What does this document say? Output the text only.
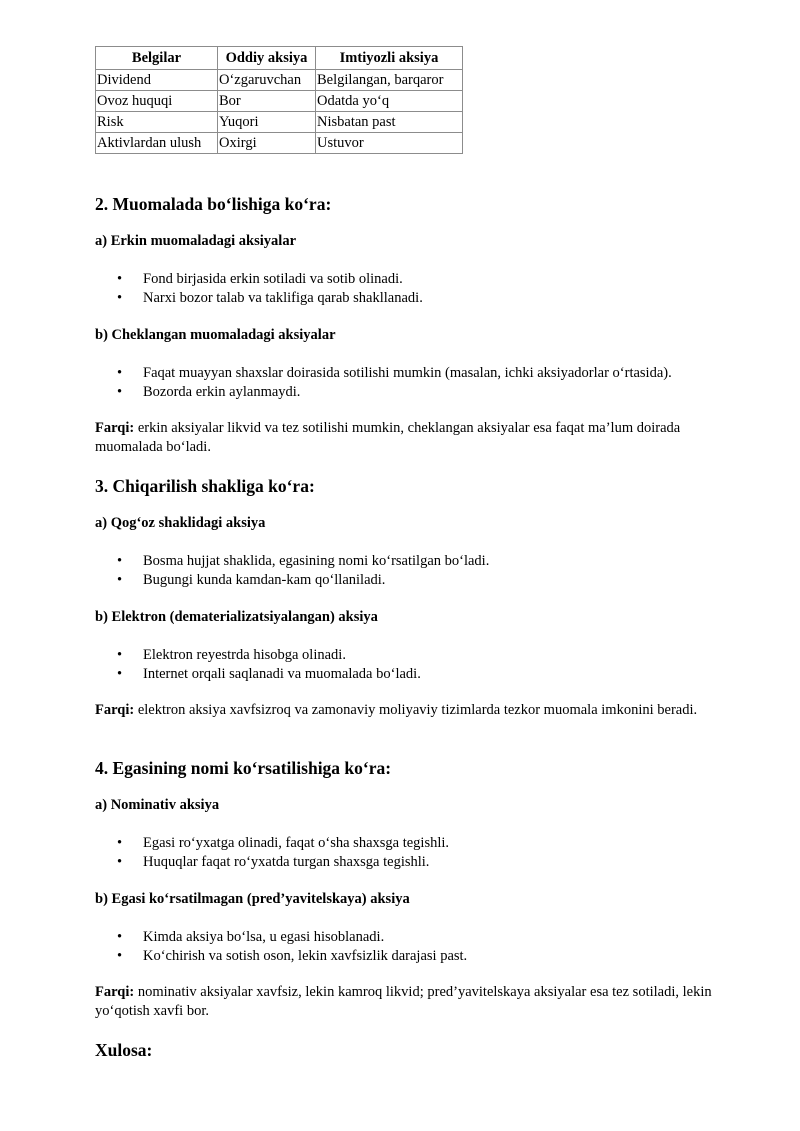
Belgilar	Oddiy aksiya	Imtiyozli aksiya
Dividend	O‘zgaruvchan	Belgilangan, barqaror
Ovoz huquqi	Bor	Odatda yo‘q
Risk	Yuqori	Nisbatan past
Aktivlardan ulush	Oxirgi	Ustuvor
2. Muomalada bo‘lishiga ko‘ra:
a) Erkin muomaladagi aksiyalar
• Fond birjasida erkin sotiladi va sotib olinadi.
• Narxi bozor talab va taklifiga qarab shakllanadi.
b) Cheklangan muomaladagi aksiyalar
• Faqat muayyan shaxslar doirasida sotilishi mumkin (masalan, ichki aksiyadorlar o‘rtasida).
• Bozorda erkin aylanmaydi.

Farqi: erkin aksiyalar likvid va tez sotilishi mumkin, cheklangan aksiyalar esa faqat ma’lum doirada muomalada bo‘ladi.

3. Chiqarilish shakliga ko‘ra:
a) Qog‘oz shaklidagi aksiya
• Bosma hujjat shaklida, egasining nomi ko‘rsatilgan bo‘ladi.
• Bugungi kunda kamdan-kam qo‘llaniladi.
b) Elektron (dematerializatsiyalangan) aksiya
• Elektron reyestrda hisobga olinadi.
• Internet orqali saqlanadi va muomalada bo‘ladi.

Farqi: elektron aksiya xavfsizroq va zamonaviy moliyaviy tizimlarda tezkor muomala imkonini beradi.

4. Egasining nomi ko‘rsatilishiga ko‘ra:
a) Nominativ aksiya
• Egasi ro‘yxatga olinadi, faqat o‘sha shaxsga tegishli.
• Huquqlar faqat ro‘yxatda turgan shaxsga tegishli.
b) Egasi ko‘rsatilmagan (pred’yavitelskaya) aksiya
• Kimda aksiya bo‘lsa, u egasi hisoblanadi.
• Ko‘chirish va sotish oson, lekin xavfsizlik darajasi past.

Farqi: nominativ aksiyalar xavfsiz, lekin kamroq likvid; pred’yavitelskaya aksiyalar esa tez sotiladi, lekin yo‘qotish xavfi bor.

Xulosa:
